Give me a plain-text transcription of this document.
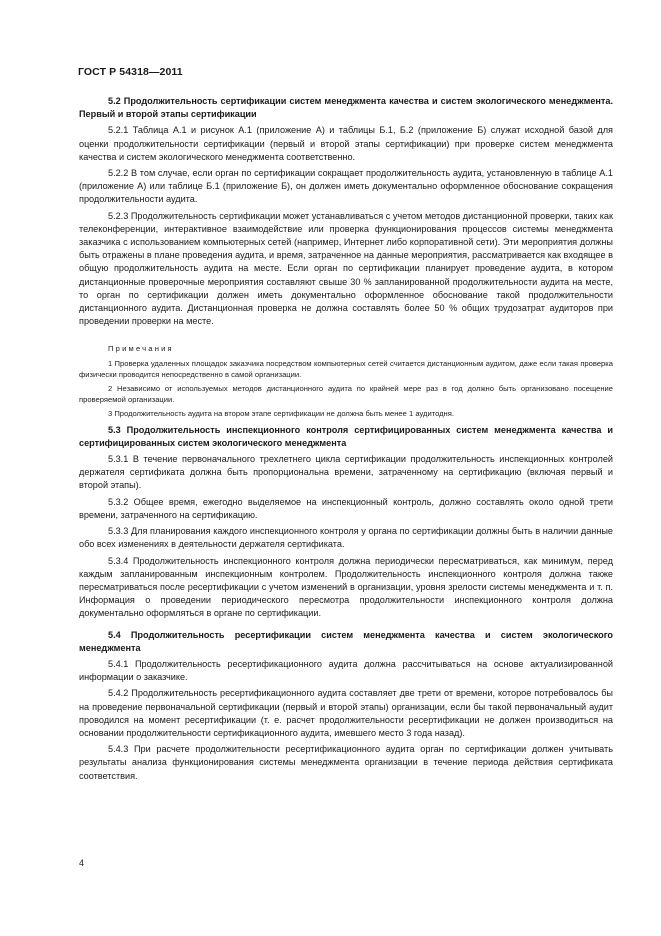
ГОСТ Р 54318—2011

5.2 Продолжительность сертификации систем менеджмента качества и систем экологического менеджмента. Первый и второй этапы сертификации

5.2.1 Таблица А.1 и рисунок А.1 (приложение А) и таблицы Б.1, Б.2 (приложение Б) служат исходной базой для оценки продолжительности сертификации (первый и второй этапы сертификации) при проверке систем менеджмента качества и систем экологического менеджмента соответственно.

5.2.2 В том случае, если орган по сертификации сокращает продолжительность аудита, установленную в таблице А.1 (приложение А) или таблице Б.1 (приложение Б), он должен иметь документально оформленное обоснование сокращения продолжительности аудита.

5.2.3 Продолжительность сертификации может устанавливаться с учетом методов дистанционной проверки, таких как телеконференции, интерактивное взаимодействие или проверка функционирования процессов системы менеджмента заказчика с использованием компьютерных сетей (например, Интернет либо корпоративной сети). Эти мероприятия должны быть отражены в плане проведения аудита, и время, затраченное на данные мероприятия, рассматривается как входящее в общую продолжительность аудита на месте. Если орган по сертификации планирует проведение аудита, в котором дистанционные проверочные мероприятия составляют свыше 30 % запланированной продолжительности аудита на месте, то орган по сертификации должен иметь документально оформленное обоснование такой продолжительности дистанционного аудита. Дистанционная проверка не должна составлять более 50 % общих трудозатрат аудиторов при проведении проверки на месте.

Примечания

1 Проверка удаленных площадок заказчика посредством компьютерных сетей считается дистанционным аудитом, даже если такая проверка физически проводится непосредственно в самой организации.

2 Независимо от используемых методов дистанционного аудита по крайней мере раз в год должно быть организовано посещение проверяемой организации.

3 Продолжительность аудита на втором этапе сертификации не должна быть менее 1 аудитодня.

5.3 Продолжительность инспекционного контроля сертифицированных систем менеджмента качества и сертифицированных систем экологического менеджмента

5.3.1 В течение первоначального трехлетнего цикла сертификации продолжительность инспекционных контролей держателя сертификата должна быть пропорциональна времени, затраченному на сертификацию (включая первый и второй этапы).

5.3.2 Общее время, ежегодно выделяемое на инспекционный контроль, должно составлять около одной трети времени, затраченного на сертификацию.

5.3.3 Для планирования каждого инспекционного контроля у органа по сертификации должны быть в наличии данные обо всех изменениях в деятельности держателя сертификата.

5.3.4 Продолжительность инспекционного контроля должна периодически пересматриваться, как минимум, перед каждым запланированным инспекционным контролем. Продолжительность инспекционного контроля должна также пересматриваться после ресертификации с учетом изменений в организации, уровня зрелости системы менеджмента и т. п. Информация о проведении периодического пересмотра продолжительности инспекционного контроля должна документально оформляться в органе по сертификации.

5.4 Продолжительность ресертификации систем менеджмента качества и систем экологического менеджмента

5.4.1 Продолжительность ресертификационного аудита должна рассчитываться на основе актуализированной информации о заказчике.

5.4.2 Продолжительность ресертификационного аудита составляет две трети от времени, которое потребовалось бы на проведение первоначальной сертификации (первый и второй этапы) организации, если бы такой первоначальный аудит проводился на момент ресертификации (т. е. расчет продолжительности ресертификации не должен производиться на основании продолжительности сертификационного аудита, имевшего место 3 года назад).

5.4.3 При расчете продолжительности ресертификационного аудита орган по сертификации должен учитывать результаты анализа функционирования системы менеджмента организации в течение периода действия сертификата соответствия.

4
